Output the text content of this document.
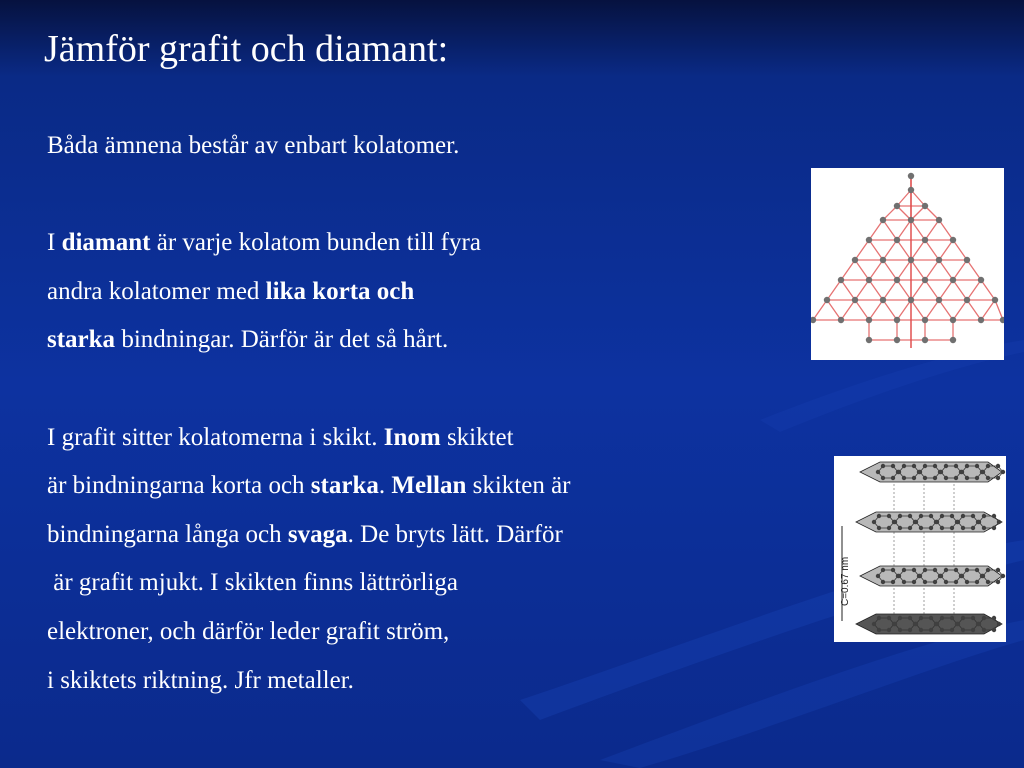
Jämför grafit och diamant:
Båda ämnena består av enbart kolatomer.
I diamant är varje kolatom bunden till fyra
andra kolatomer med lika korta och
starka bindningar. Därför är det så hårt.
I grafit sitter kolatomerna i skikt. Inom skiktet
är bindningarna korta och starka. Mellan skikten är
bindningarna långa och svaga. De bryts lätt. Därför
är grafit mjukt. I skikten finns lättrörliga
elektroner, och därför leder grafit ström,
i skiktets riktning. Jfr metaller.
C=0.67 nm
